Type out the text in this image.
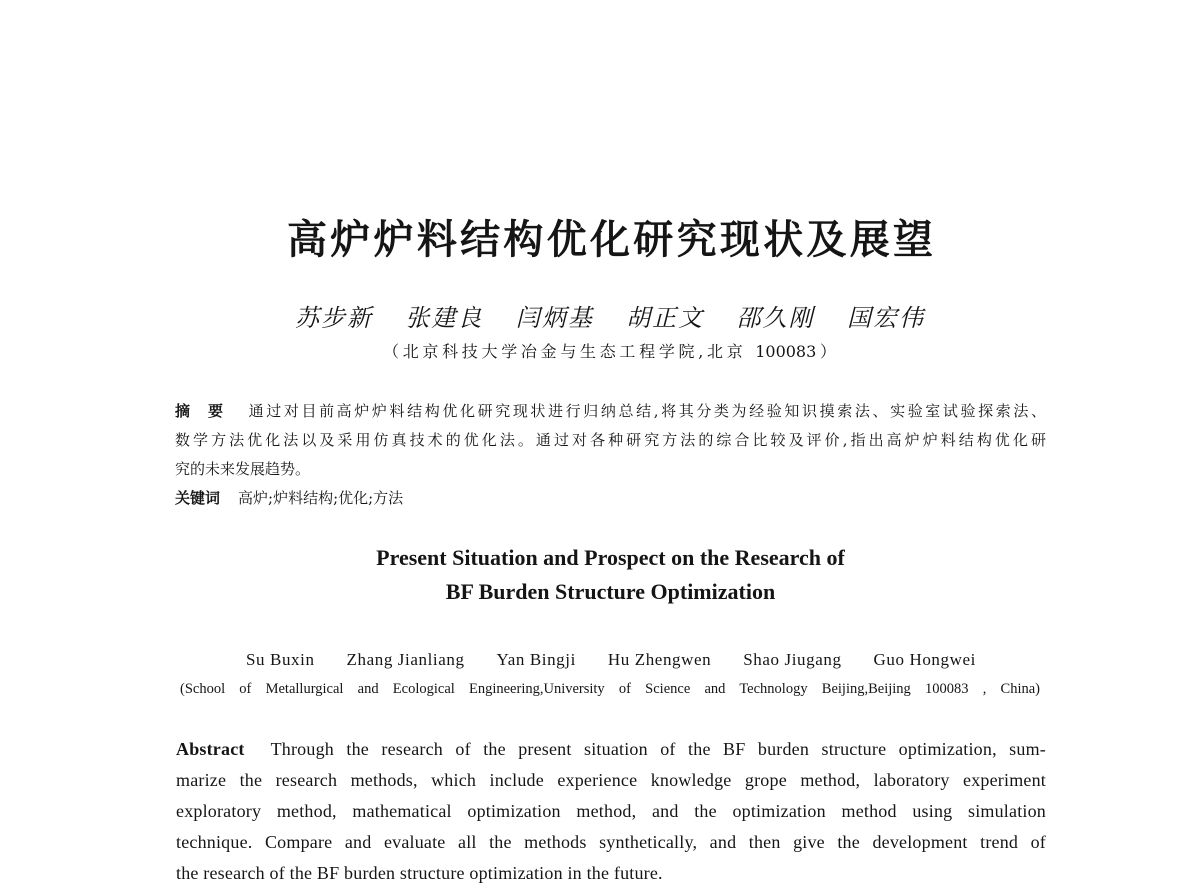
高炉炉料结构优化研究现状及展望
苏步新 张建良 闫炳基 胡正文 邵久刚 国宏伟
（北京科技大学冶金与生态工程学院,北京 100083）
摘 要 通过对目前高炉炉料结构优化研究现状进行归纳总结,将其分类为经验知识摸索法、实验室试验探索法、
数学方法优化法以及采用仿真技术的优化法。通过对各种研究方法的综合比较及评价,指出高炉炉料结构优化研
究的未来发展趋势。
关键词 高炉;炉料结构;优化;方法
Present Situation and Prospect on the Research of
BF Burden Structure Optimization
Su Buxin Zhang Jianliang Yan Bingji Hu Zhengwen Shao Jiugang Guo Hongwei
(School of Metallurgical and Ecological Engineering,University of Science and Technology Beijing,Beijing 100083 , China)
Abstract Through the research of the present situation of the BF burden structure optimization, sum-
marize the research methods, which include experience knowledge grope method, laboratory experiment
exploratory method, mathematical optimization method, and the optimization method using simulation
technique. Compare and evaluate all the methods synthetically, and then give the development trend of
the research of the BF burden structure optimization in the future.
